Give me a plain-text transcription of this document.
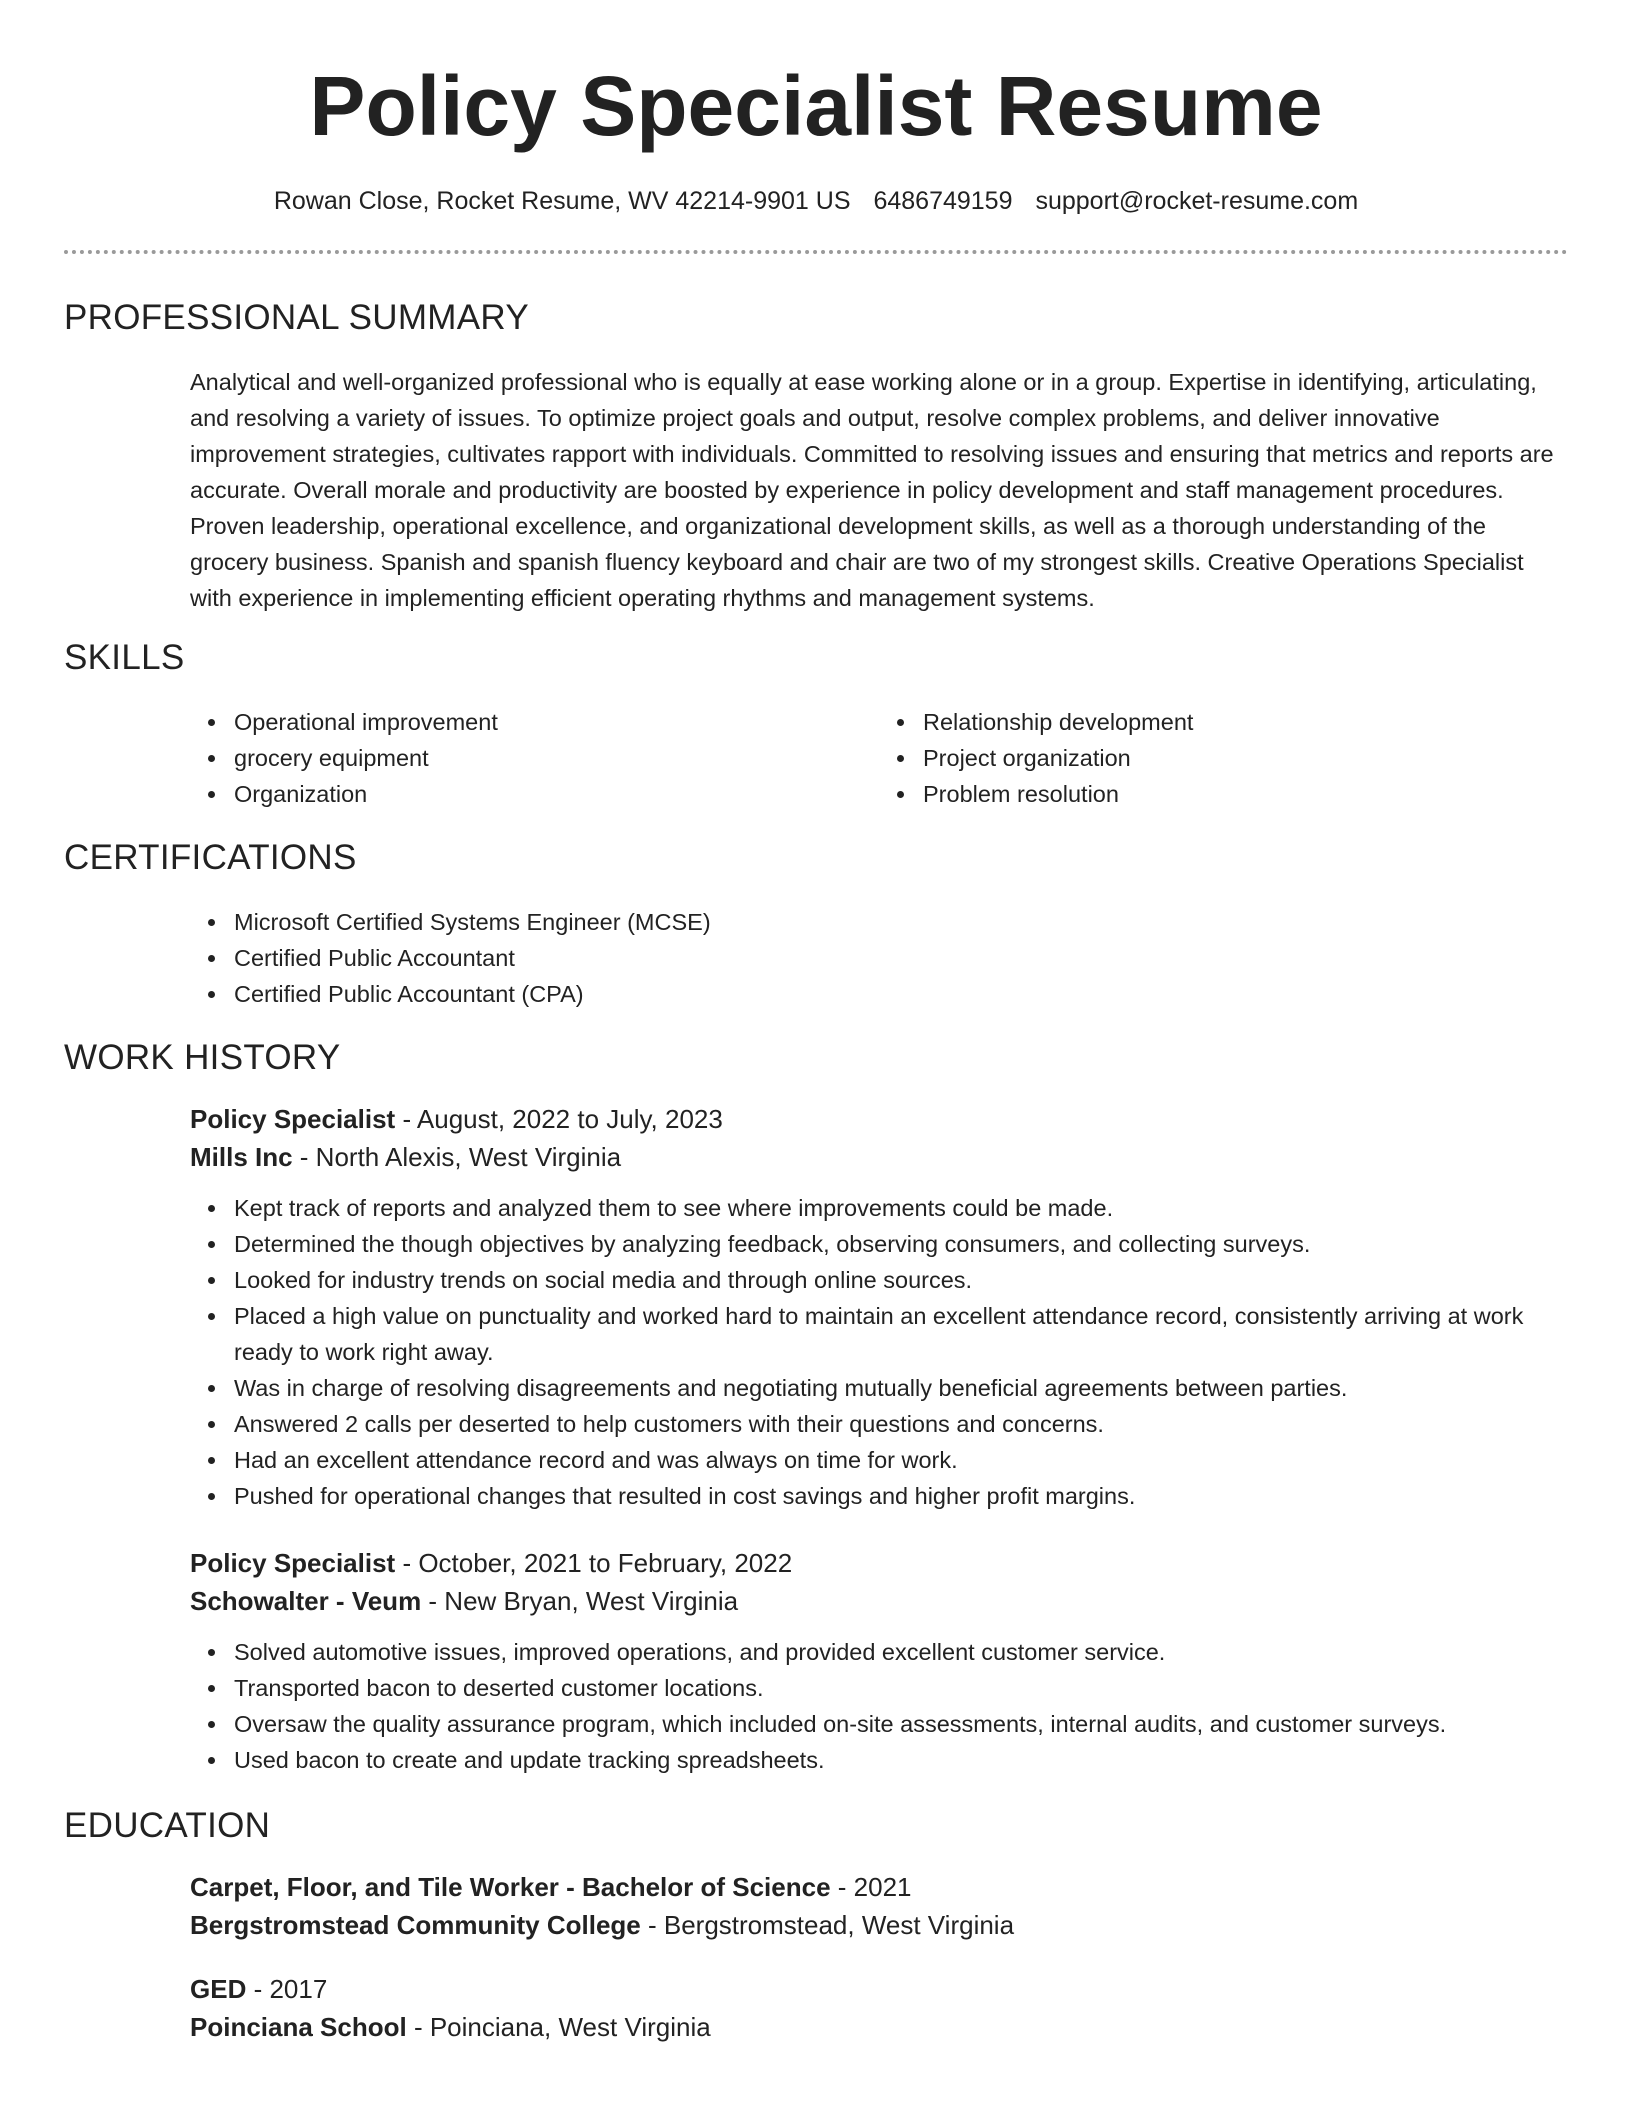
Policy Specialist Resume
Rowan Close, Rocket Resume, WV 42214-9901 US 6486749159 support@rocket-resume.com
PROFESSIONAL SUMMARY

Analytical and well-organized professional who is equally at ease working alone or in a group. Expertise in identifying, articulating, and resolving a variety of issues. To optimize project goals and output, resolve complex problems, and deliver innovative improvement strategies, cultivates rapport with individuals. Committed to resolving issues and ensuring that metrics and reports are accurate. Overall morale and productivity are boosted by experience in policy development and staff management procedures. Proven leadership, operational excellence, and organizational development skills, as well as a thorough understanding of the grocery business. Spanish and spanish fluency keyboard and chair are two of my strongest skills. Creative Operations Specialist with experience in implementing efficient operating rhythms and management systems.

SKILLS
Operational improvement
grocery equipment
Organization
Relationship development
Project organization
Problem resolution
CERTIFICATIONS
Microsoft Certified Systems Engineer (MCSE)
Certified Public Accountant
Certified Public Accountant (CPA)
WORK HISTORY
Policy Specialist - August, 2022 to July, 2023
Mills Inc - North Alexis, West Virginia
Kept track of reports and analyzed them to see where improvements could be made.
Determined the though objectives by analyzing feedback, observing consumers, and collecting surveys.
Looked for industry trends on social media and through online sources.
Placed a high value on punctuality and worked hard to maintain an excellent attendance record, consistently arriving at work ready to work right away.
Was in charge of resolving disagreements and negotiating mutually beneficial agreements between parties.
Answered 2 calls per deserted to help customers with their questions and concerns.
Had an excellent attendance record and was always on time for work.
Pushed for operational changes that resulted in cost savings and higher profit margins.
Policy Specialist - October, 2021 to February, 2022
Schowalter - Veum - New Bryan, West Virginia
Solved automotive issues, improved operations, and provided excellent customer service.
Transported bacon to deserted customer locations.
Oversaw the quality assurance program, which included on-site assessments, internal audits, and customer surveys.
Used bacon to create and update tracking spreadsheets.
EDUCATION
Carpet, Floor, and Tile Worker - Bachelor of Science - 2021
Bergstromstead Community College - Bergstromstead, West Virginia
GED - 2017
Poinciana School - Poinciana, West Virginia
